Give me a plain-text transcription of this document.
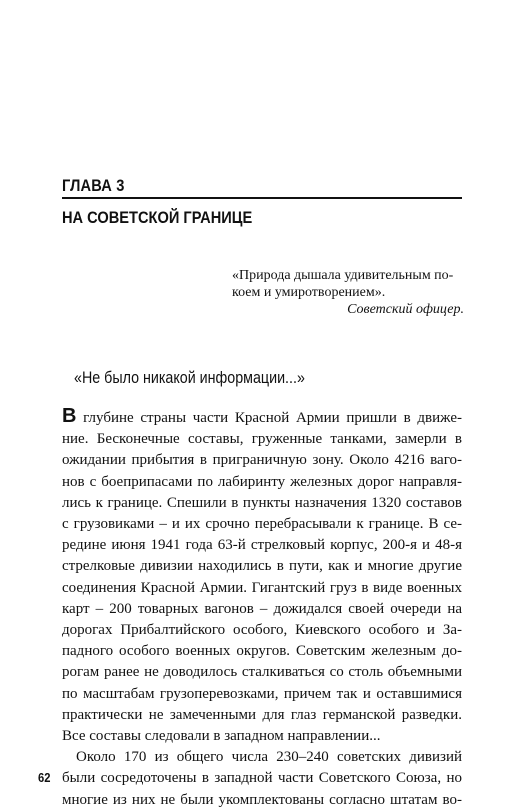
ГЛАВА 3
НА СОВЕТСКОЙ ГРАНИЦЕ
«Природа дышала удивительным по-
коем и умиротворением».
Советский офицер.
«Не было никакой информации...»
В глубине страны части Красной Армии пришли в движе-
ние. Бесконечные составы, груженные танками, замерли в
ожидании прибытия в приграничную зону. Около 4216 ваго-
нов с боеприпасами по лабиринту железных дорог направля-
лись к границе. Спешили в пункты назначения 1320 составов
с грузовиками – и их срочно перебрасывали к границе. В се-
редине июня 1941 года 63-й стрелковый корпус, 200-я и 48-я
стрелковые дивизии находились в пути, как и многие другие
соединения Красной Армии. Гигантский груз в виде военных
карт – 200 товарных вагонов – дожидался своей очереди на
дорогах Прибалтийского особого, Киевского особого и За-
падного особого военных округов. Советским железным до-
рогам ранее не доводилось сталкиваться со столь объемными
по масштабам грузоперевозками, причем так и оставшимися
практически не замеченными для глаз германской разведки.
Все составы следовали в западном направлении...
Около 170 из общего числа 230–240 советских дивизий
были сосредоточены в западной части Советского Союза, но
многие из них не были укомплектованы согласно штатам во-
62
